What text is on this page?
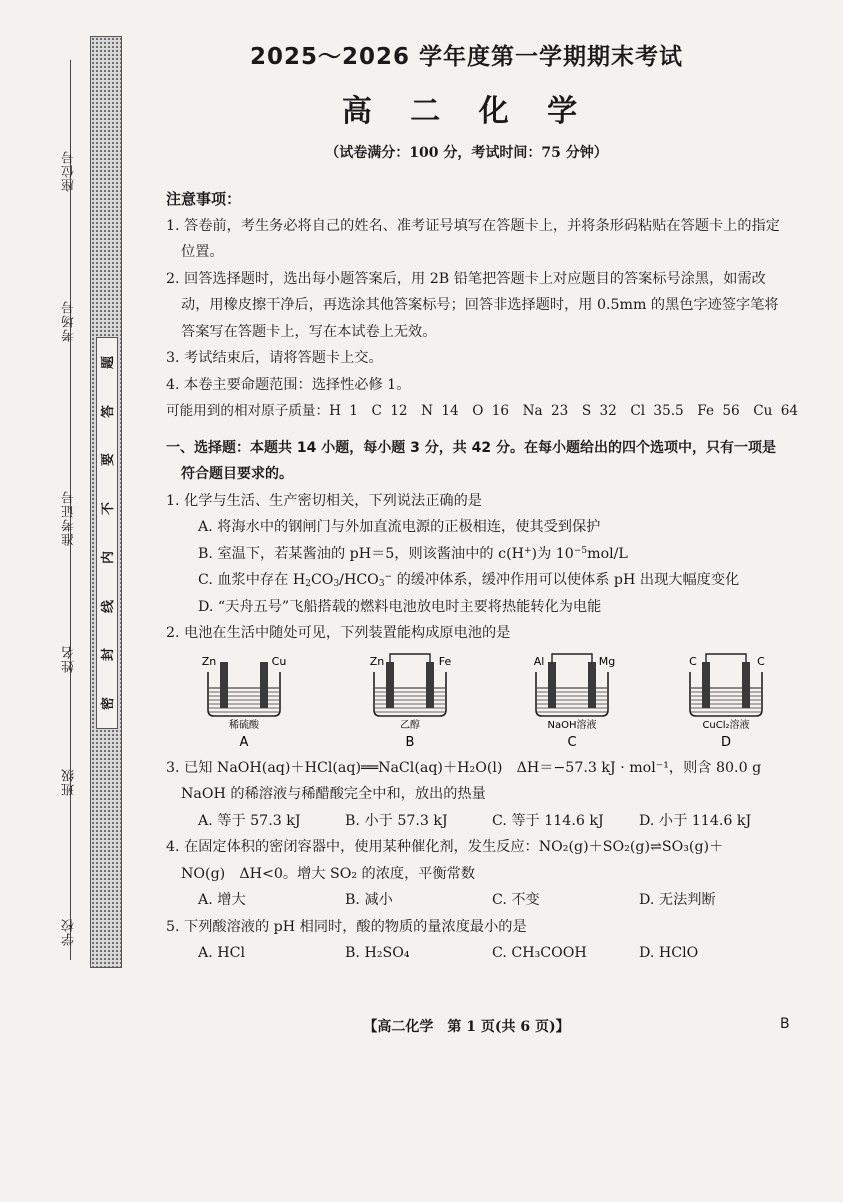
座位号
考场号
准考证号
姓名
班级
学校
题
答
要
不
内
线
封
密
2025～2026 学年度第一学期期末考试
高 二 化 学
（试卷满分：100 分，考试时间：75 分钟）
注意事项：
1. 答卷前，考生务必将自己的姓名、准考证号填写在答题卡上，并将条形码粘贴在答题卡上的指定位置。
2. 回答选择题时，选出每小题答案后，用 2B 铅笔把答题卡上对应题目的答案标号涂黑，如需改动，用橡皮擦干净后，再选涂其他答案标号；回答非选择题时，用 0.5mm 的黑色字迹签字笔将答案写在答题卡上，写在本试卷上无效。
3. 考试结束后，请将答题卡上交。
4. 本卷主要命题范围：选择性必修 1。
可能用到的相对原子质量：H 1　C 12　N 14　O 16　Na 23　S 32　Cl 35.5　Fe 56　Cu 64
一、选择题：本题共 14 小题，每小题 3 分，共 42 分。在每小题给出的四个选项中，只有一项是符合题目要求的。
1. 化学与生活、生产密切相关，下列说法正确的是
A. 将海水中的钢闸门与外加直流电源的正极相连，使其受到保护
B. 室温下，若某酱油的 pH＝5，则该酱油中的 c(H+)为 $10^{-5}mol/L$
C. 血浆中存在 $H_2CO_3/HCO_3^-$ 的缓冲体系，缓冲作用可以使体系 pH 出现大幅度变化
D. “天舟五号”飞船搭载的燃料电池放电时主要将热能转化为电能
2. 电池在生活中随处可见，下列装置能构成原电池的是
3. 已知 NaOH(aq)＋HCl(aq)══NaCl(aq)＋H₂O(l)　ΔH＝−57.3 kJ · mol⁻¹，则含 80.0 g
NaOH 的稀溶液与稀醋酸完全中和，放出的热量
A. 等于 57.3 kJ	B. 小于 57.3 kJ	C. 等于 114.6 kJ	D. 小于 114.6 kJ
4. 在固定体积的密闭容器中，使用某种催化剂，发生反应：NO₂(g)＋SO₂(g)⇌SO₃(g)＋
NO(g)　ΔH<0。增大 SO₂ 的浓度，平衡常数
A. 增大	B. 减小	C. 不变	D. 无法判断
5. 下列酸溶液的 pH 相同时，酸的物质的量浓度最小的是
A. HCl	B. H₂SO₄	C. CH₃COOH	D. HClO
Zn	Cu
稀硫酸
A
Zn	Fe
乙醇
B
Al	Mg
NaOH溶液
C
C	C
CuCl₂溶液
D
【高二化学　第 1 页(共 6 页)】	B
